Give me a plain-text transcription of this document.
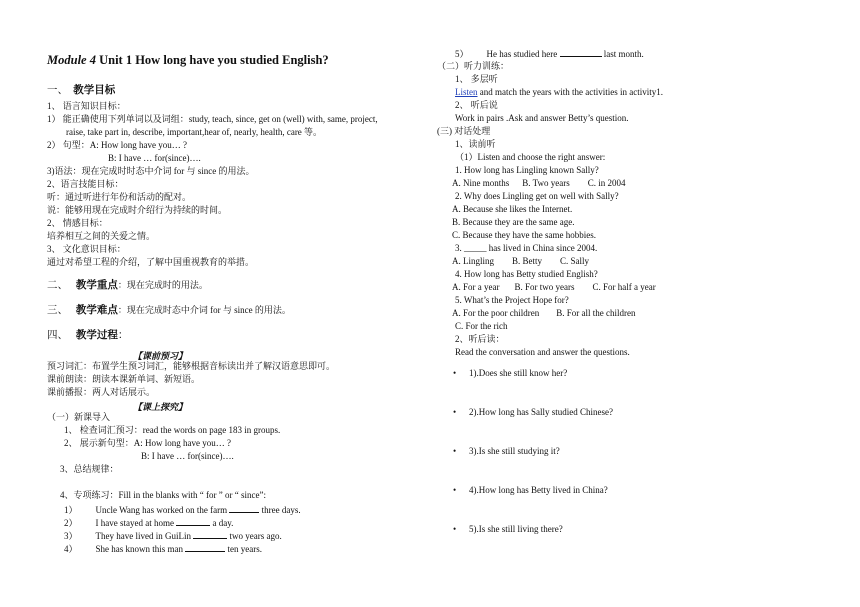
Module 4 Unit 1 How long have you studied English?
一、 教学目标
1、 语言知识目标：
1） 能正确使用下列单词以及词组：study, teach, since, get on (well) with, same, project,
raise, take part in, describe, important,hear of, nearly, health, care 等。
2） 句型：A: How long have you… ?
B: I have … for(since)….
3)语法：现在完成时时态中介词 for 与 since 的用法。
2、语言技能目标：
听：通过听进行年份和活动的配对。
说：能够用现在完成时介绍行为持续的时间。
2、 情感目标：
培养相互之间的关爱之情。
3、 文化意识目标：
通过对希望工程的介绍，了解中国重视教育的举措。
二、 教学重点：现在完成时的用法。
三、 教学难点：现在完成时态中介词 for 与 since 的用法。
四、 教学过程：
【课前预习】
预习词汇：布置学生预习词汇，能够根据音标读出并了解汉语意思即可。
课前朗读：朗读本课新单词、新短语。
课前播报：两人对话展示。
【课上探究】
（一）新课导入
1、 检查词汇预习：read the words on page 183 in groups.
2、 展示新句型：A: How long have you… ?
B: I have … for(since)….
3、总结规律：
4、专项练习：Fill in the blanks with “ for ” or “ since”:
1） Uncle Wang has worked on the farm	three days.
2） I have stayed at home	a day.
3） They have lived in GuiLin	two years ago.
4） She has known this man	ten years.
5） He has studied here	last month.
（二）听力训练：
1、 多层听
Listen and match the years with the activities in activity1.
2、 听后说
Work in pairs .Ask and answer Betty’s question.
(三) 对话处理
1、读前听
（1）Listen and choose the right answer:
1. How long has Lingling known Sally?
A. Nine months B. Two years C. in 2004
2. Why does Lingling get on well with Sally?
A. Because she likes the Internet.
B. Because they are the same age.
C. Because they have the same hobbies.
3. _____ has lived in China since 2004.
A. Lingling B. Betty C. Sally
4. How long has Betty studied English?
A. For a year B. For two years C. For half a year
5. What’s the Project Hope for?
A. For the poor children B. For all the children
C. For the rich
2、听后读：
Read the conversation and answer the questions.
• 1).Does she still know her?
• 2).How long has Sally studied Chinese?
• 3).Is she still studying it?
• 4).How long has Betty lived in China?
• 5).Is she still living there?
